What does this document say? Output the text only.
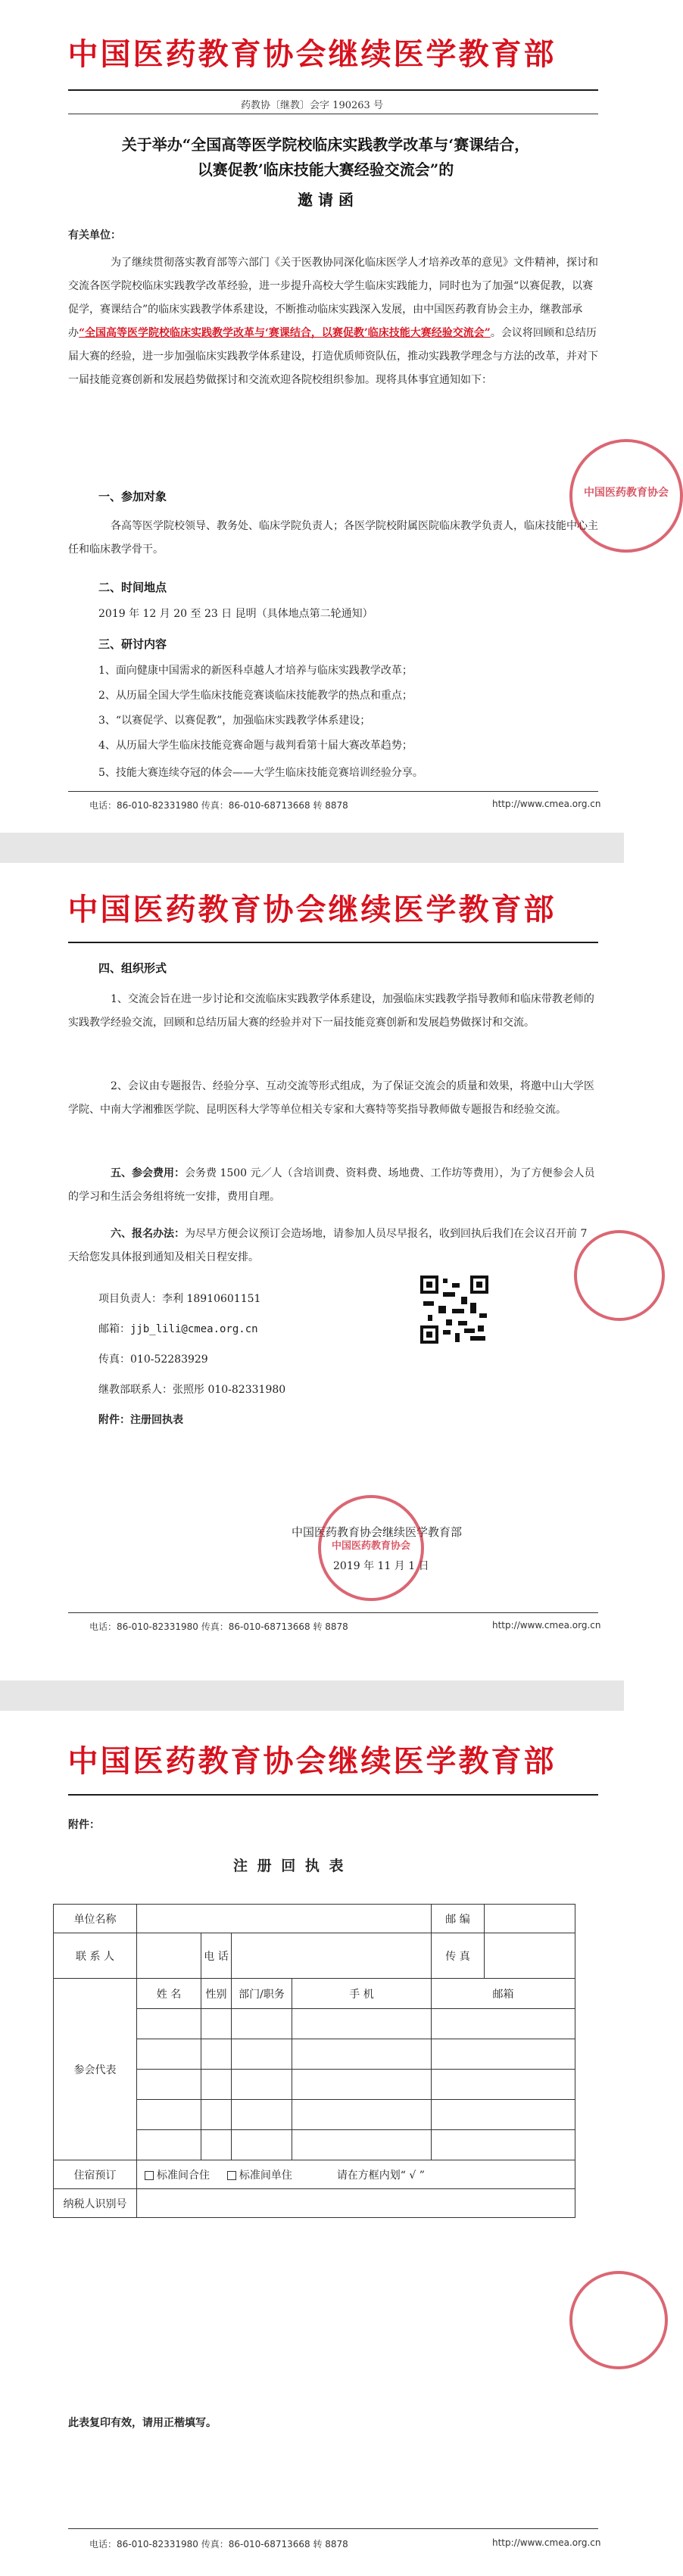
中国医药教育协会继续医学教育部
药教协〔继教〕会字 190263 号
关于举办“全国高等医学院校临床实践教学改革与‘赛课结合，
以赛促教’临床技能大赛经验交流会”的
邀 请 函
有关单位：
为了继续贯彻落实教育部等六部门《关于医教协同深化临床医学人才培养改革的意见》文件精神，探讨和交流各医学院校临床实践教学改革经验，进一步提升高校大学生临床实践能力，同时也为了加强“以赛促教，以赛促学，赛课结合”的临床实践教学体系建设，不断推动临床实践深入发展，由中国医药教育协会主办，继教部承办“全国高等医学院校临床实践教学改革与‘赛课结合，以赛促教’临床技能大赛经验交流会”。会议将回顾和总结历届大赛的经验，进一步加强临床实践教学体系建设，打造优质师资队伍，推动实践教学理念与方法的改革，并对下一届技能竞赛创新和发展趋势做探讨和交流欢迎各院校组织参加。现将具体事宜通知如下：
一、参加对象
各高等医学院校领导、教务处、临床学院负责人；各医学院校附属医院临床教学负责人，临床技能中心主任和临床教学骨干。
二、时间地点
2019 年 12 月 20 至 23 日 昆明（具体地点第二轮通知）
三、研讨内容
1、面向健康中国需求的新医科卓越人才培养与临床实践教学改革；
2、从历届全国大学生临床技能竞赛谈临床技能教学的热点和重点；
3、“以赛促学、以赛促教”，加强临床实践教学体系建设；
4、从历届大学生临床技能竞赛命题与裁判看第十届大赛改革趋势；
中国医药教育协会
5、技能大赛连续夺冠的体会——大学生临床技能竞赛培训经验分享。
电话：86-010-82331980 传真：86-010-68713668 转 8878	http://www.cmea.org.cn
中国医药教育协会继续医学教育部
四、组织形式
1、交流会旨在进一步讨论和交流临床实践教学体系建设，加强临床实践教学指导教师和临床带教老师的实践教学经验交流，回顾和总结历届大赛的经验并对下一届技能竞赛创新和发展趋势做探讨和交流。
2、会议由专题报告、经验分享、互动交流等形式组成，为了保证交流会的质量和效果，将邀中山大学医学院、中南大学湘雅医学院、昆明医科大学等单位相关专家和大赛特等奖指导教师做专题报告和经验交流。
五、参会费用：会务费 1500 元／人（含培训费、资料费、场地费、工作坊等费用），为了方便参会人员的学习和生活会务组将统一安排，费用自理。
六、报名办法：为尽早方便会议预订会造场地，请参加人员尽早报名，收到回执后我们在会议召开前 7 天给您发具体报到通知及相关日程安排。
项目负责人：李利 18910601151
邮箱：jjb_lili@cmea.org.cn
传真：010-52283929
继教部联系人：张照彤 010-82331980
附件：注册回执表
中国医药教育协会继续医学教育部
2019 年 11 月 1 日
中国医药教育协会
电话：86-010-82331980 传真：86-010-68713668 转 8878	http://www.cmea.org.cn
中国医药教育协会继续医学教育部
附件：
注 册 回 执 表
单位名称					邮 编	
联 系 人		电 话			传 真	
参会代表	姓 名	性别	部门/职务	手 机	邮箱	

住宿预订	标准间合住 标准间单住 请在方框内划“ √ ”					
纳税人识别号						
此表复印有效，请用正楷填写。
电话：86-010-82331980 传真：86-010-68713668 转 8878	http://www.cmea.org.cn
